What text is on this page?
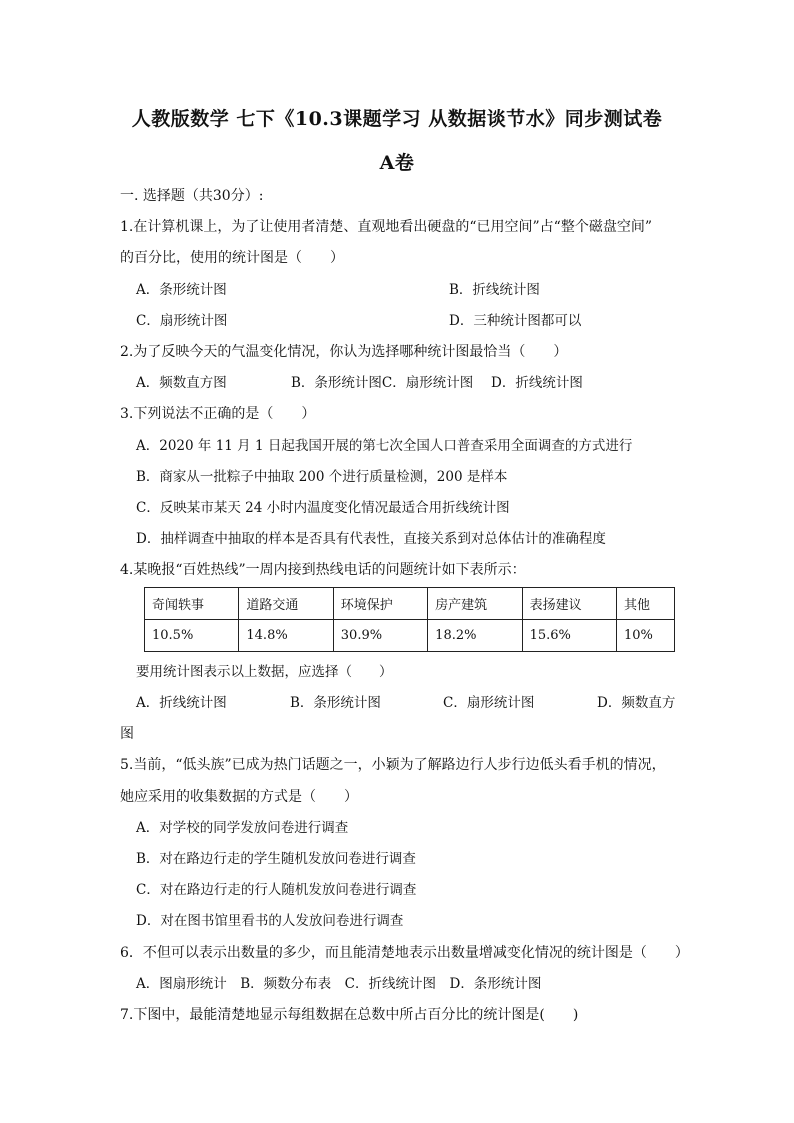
人教版数学 七下《10.3课题学习 从数据谈节水》同步测试卷
A卷
一. 选择题（共30分）:
1.在计算机课上，为了让使用者清楚、直观地看出硬盘的“已用空间”占“整个磁盘空间”
的百分比，使用的统计图是（　　）
A．条形统计图	B．折线统计图
C．扇形统计图	D．三种统计图都可以
2.为了反映今天的气温变化情况，你认为选择哪种统计图最恰当（　　）
A．频数直方图	B．条形统计图C．扇形统计图 D．折线统计图
3.下列说法不正确的是（　　）
A．2020 年 11 月 1 日起我国开展的第七次全国人口普查采用全面调查的方式进行
B．商家从一批粽子中抽取 200 个进行质量检测，200 是样本
C．反映某市某天 24 小时内温度变化情况最适合用折线统计图
D．抽样调查中抽取的样本是否具有代表性，直接关系到对总体估计的准确程度
4.某晚报“百姓热线”一周内接到热线电话的问题统计如下表所示：
奇闻轶事	道路交通	环境保护	房产建筑	表扬建议	其他
10.5%	14.8%	30.9%	18.2%	15.6%	10%
要用统计图表示以上数据，应选择（　　）
A．折线统计图	B．条形统计图	C．扇形统计图	D．频数直方
图
5.当前，“低头族”已成为热门话题之一，小颖为了解路边行人步行边低头看手机的情况，
她应采用的收集数据的方式是（　　）
A．对学校的同学发放问卷进行调查
B．对在路边行走的学生随机发放问卷进行调查
C．对在路边行走的行人随机发放问卷进行调查
D．对在图书馆里看书的人发放问卷进行调查
6．不但可以表示出数量的多少，而且能清楚地表示出数量增减变化情况的统计图是（　　）
A．图扇形统计　B．频数分布表　C．折线统计图　D．条形统计图
7.下图中，最能清楚地显示每组数据在总数中所占百分比的统计图是(　　)
